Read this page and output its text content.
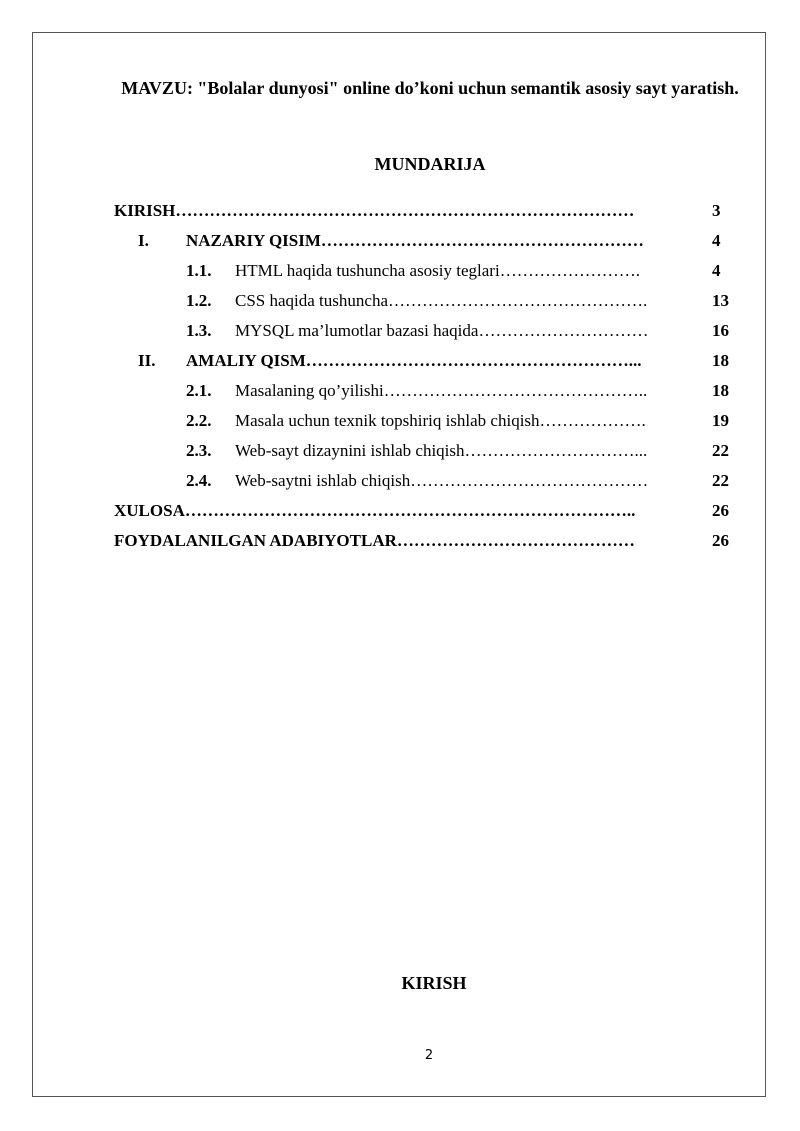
MAVZU: "Bolalar dunyosi" online do’koni uchun semantik asosiy sayt yaratish.
MUNDARIJA
KIRISH………………………………………………………………………	3
I. NAZARIY QISIM…………………………………………………	4
1.1. HTML haqida tushuncha asosiy teglari…………………….	4
1.2. CSS haqida tushuncha……………………………………….	13
1.3. MYSQL ma’lumotlar bazasi haqida…………………………	16
II. AMALIY QISM…………………………………………………...	18
2.1. Masalaning qo’yilishi………………………………………..	18
2.2. Masala uchun texnik topshiriq ishlab chiqish……………….	19
2.3. Web-sayt dizaynini ishlab chiqish…………………………...	22
2.4. Web-saytni ishlab chiqish……………………………………	22
XULOSA……………………………………………………………………..	26
FOYDALANILGAN ADABIYOTLAR……………………………………	26
KIRISH
2
